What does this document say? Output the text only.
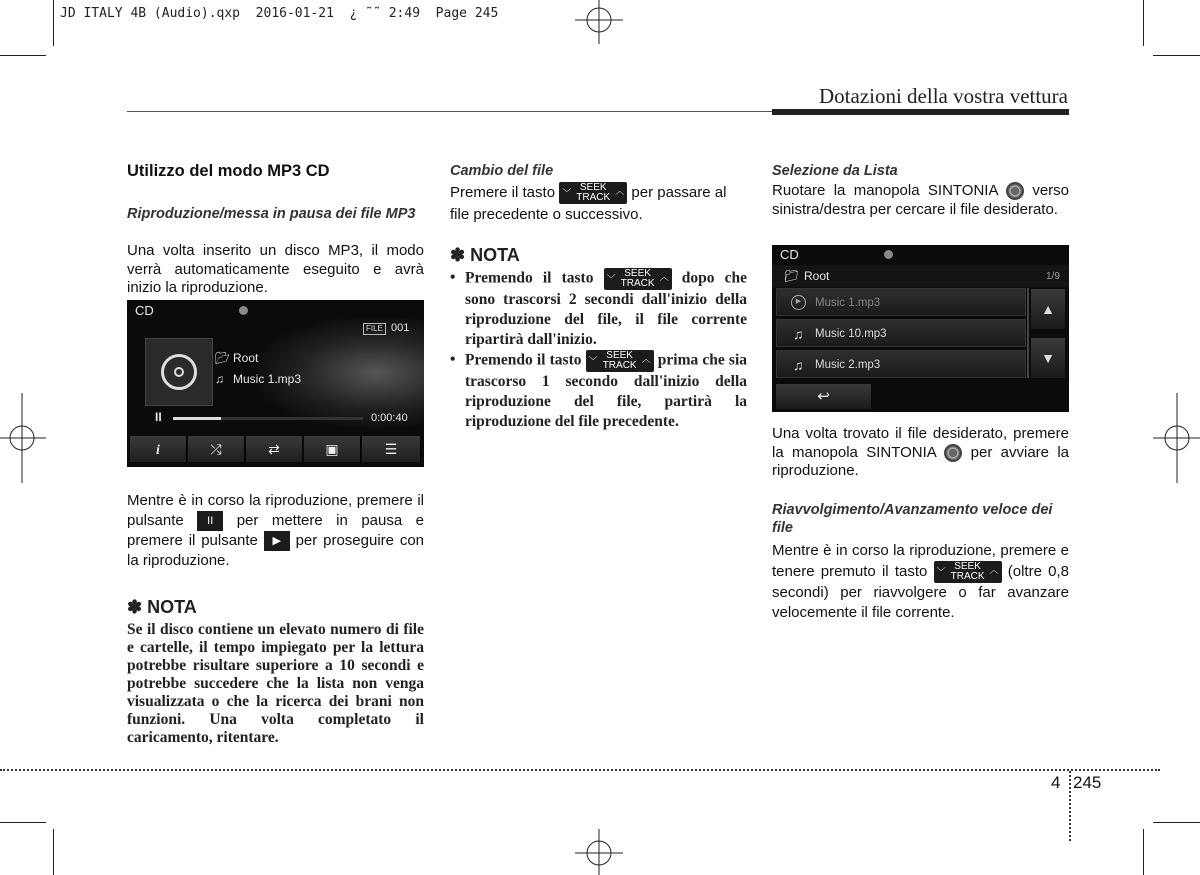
JD ITALY 4B (Audio).qxp  2016-01-21  ¿ ˜˜ 2:49  Page 245
Dotazioni della vostra vettura
Utilizzo del modo MP3 CD
Riproduzione/messa in pausa dei file MP3
Una volta inserito un disco MP3, il modo verrà automaticamente eseguito e avrà inizio la riproduzione.
CD
FILE 001
📂︎ Root
♫ Music 1.mp3
II	0:00:40
i	⤮	⇄	▣	☰
Mentre è in corso la riproduzione, premere il pulsante II per mettere in pausa e premere il pulsante ▶ per proseguire con la riproduzione.
✽ NOTA
Se il disco contiene un elevato numero di file e cartelle, il tempo impiegato per la lettura potrebbe risultare superiore a 10 secondi e potrebbe succedere che la lista non venga visualizzata o che la ricerca dei brani non funzioni. Una volta completato il caricamento, ritentare.
Cambio del file
Premere il tasto ﹀ SEEK
TRACK
︿ per passare al file precedente o successivo.
✽ NOTA
• Premendo il tasto ﹀ SEEK
TRACK
︿ dopo che sono trascorsi 2 secondi dall'inizio della riproduzione del file, il file corrente ripartirà dall'inizio.
• Premendo il tasto ﹀ SEEK
TRACK
︿ prima che sia trascorso 1 secondo dall'inizio della riproduzione del file, partirà la riproduzione del file precedente.
Selezione da Lista
Ruotare la manopola SINTONIA verso sinistra/destra per cercare il file desiderato.
CD
📁︎ Root	1/9
▶	Music 1.mp3
♫ Music 10.mp3
♫ Music 2.mp3
▲
▼
↩
Una volta trovato il file desiderato, premere la manopola SINTONIA per avviare la riproduzione.
Riavvolgimento/Avanzamento veloce dei file
Mentre è in corso la riproduzione, premere e tenere premuto il tasto ﹀ SEEK
TRACK
︿ (oltre 0,8 secondi) per riavvolgere o far avanzare velocemente il file corrente.
4 245
